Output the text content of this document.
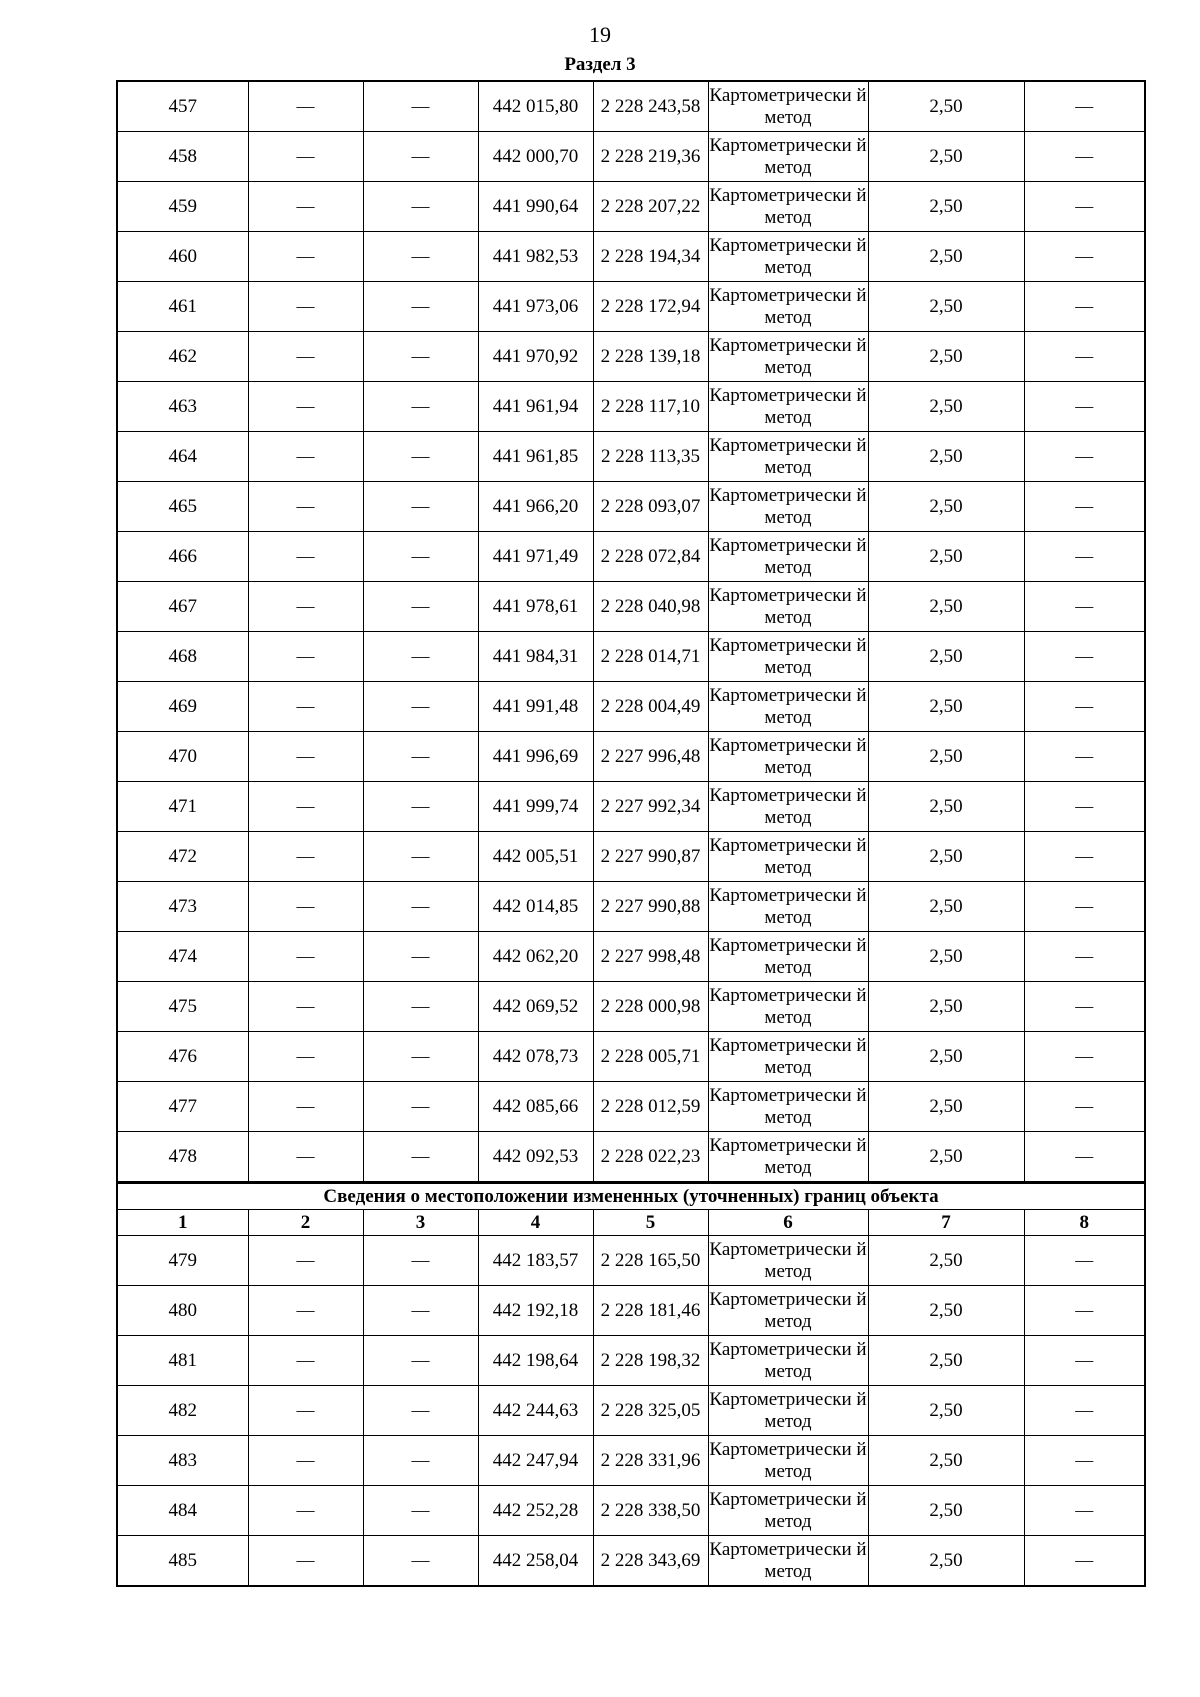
19
Раздел 3
457	—	—	442 015,80	2 228 243,58	Картометрически й метод	2,50	—
458	—	—	442 000,70	2 228 219,36	Картометрически й метод	2,50	—
459	—	—	441 990,64	2 228 207,22	Картометрически й метод	2,50	—
460	—	—	441 982,53	2 228 194,34	Картометрически й метод	2,50	—
461	—	—	441 973,06	2 228 172,94	Картометрически й метод	2,50	—
462	—	—	441 970,92	2 228 139,18	Картометрически й метод	2,50	—
463	—	—	441 961,94	2 228 117,10	Картометрически й метод	2,50	—
464	—	—	441 961,85	2 228 113,35	Картометрически й метод	2,50	—
465	—	—	441 966,20	2 228 093,07	Картометрически й метод	2,50	—
466	—	—	441 971,49	2 228 072,84	Картометрически й метод	2,50	—
467	—	—	441 978,61	2 228 040,98	Картометрически й метод	2,50	—
468	—	—	441 984,31	2 228 014,71	Картометрически й метод	2,50	—
469	—	—	441 991,48	2 228 004,49	Картометрически й метод	2,50	—
470	—	—	441 996,69	2 227 996,48	Картометрически й метод	2,50	—
471	—	—	441 999,74	2 227 992,34	Картометрически й метод	2,50	—
472	—	—	442 005,51	2 227 990,87	Картометрически й метод	2,50	—
473	—	—	442 014,85	2 227 990,88	Картометрически й метод	2,50	—
474	—	—	442 062,20	2 227 998,48	Картометрически й метод	2,50	—
475	—	—	442 069,52	2 228 000,98	Картометрически й метод	2,50	—
476	—	—	442 078,73	2 228 005,71	Картометрически й метод	2,50	—
477	—	—	442 085,66	2 228 012,59	Картометрически й метод	2,50	—
478	—	—	442 092,53	2 228 022,23	Картометрически й метод	2,50	—
Сведения о местоположении измененных (уточненных) границ объекта							
1	2	3	4	5	6	7	8
479	—	—	442 183,57	2 228 165,50	Картометрически й метод	2,50	—
480	—	—	442 192,18	2 228 181,46	Картометрически й метод	2,50	—
481	—	—	442 198,64	2 228 198,32	Картометрически й метод	2,50	—
482	—	—	442 244,63	2 228 325,05	Картометрически й метод	2,50	—
483	—	—	442 247,94	2 228 331,96	Картометрически й метод	2,50	—
484	—	—	442 252,28	2 228 338,50	Картометрически й метод	2,50	—
485	—	—	442 258,04	2 228 343,69	Картометрически й метод	2,50	—
